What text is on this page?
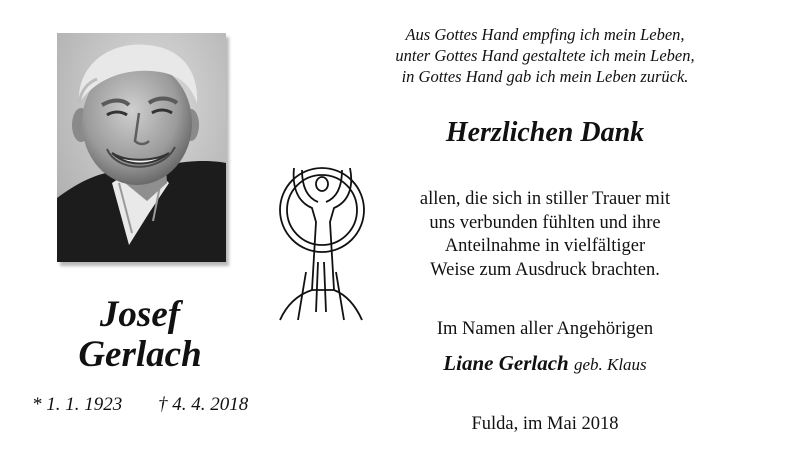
Josef
Gerlach
* 1. 1. 1923 † 4. 4. 2018
Aus Gottes Hand empfing ich mein Leben,
unter Gottes Hand gestaltete ich mein Leben,
in Gottes Hand gab ich mein Leben zurück.
Herzlichen Dank
allen, die sich in stiller Trauer mit
uns verbunden fühlten und ihre
Anteilnahme in vielfältiger
Weise zum Ausdruck brachten.
Im Namen aller Angehörigen
Liane Gerlach geb. Klaus
Fulda, im Mai 2018
